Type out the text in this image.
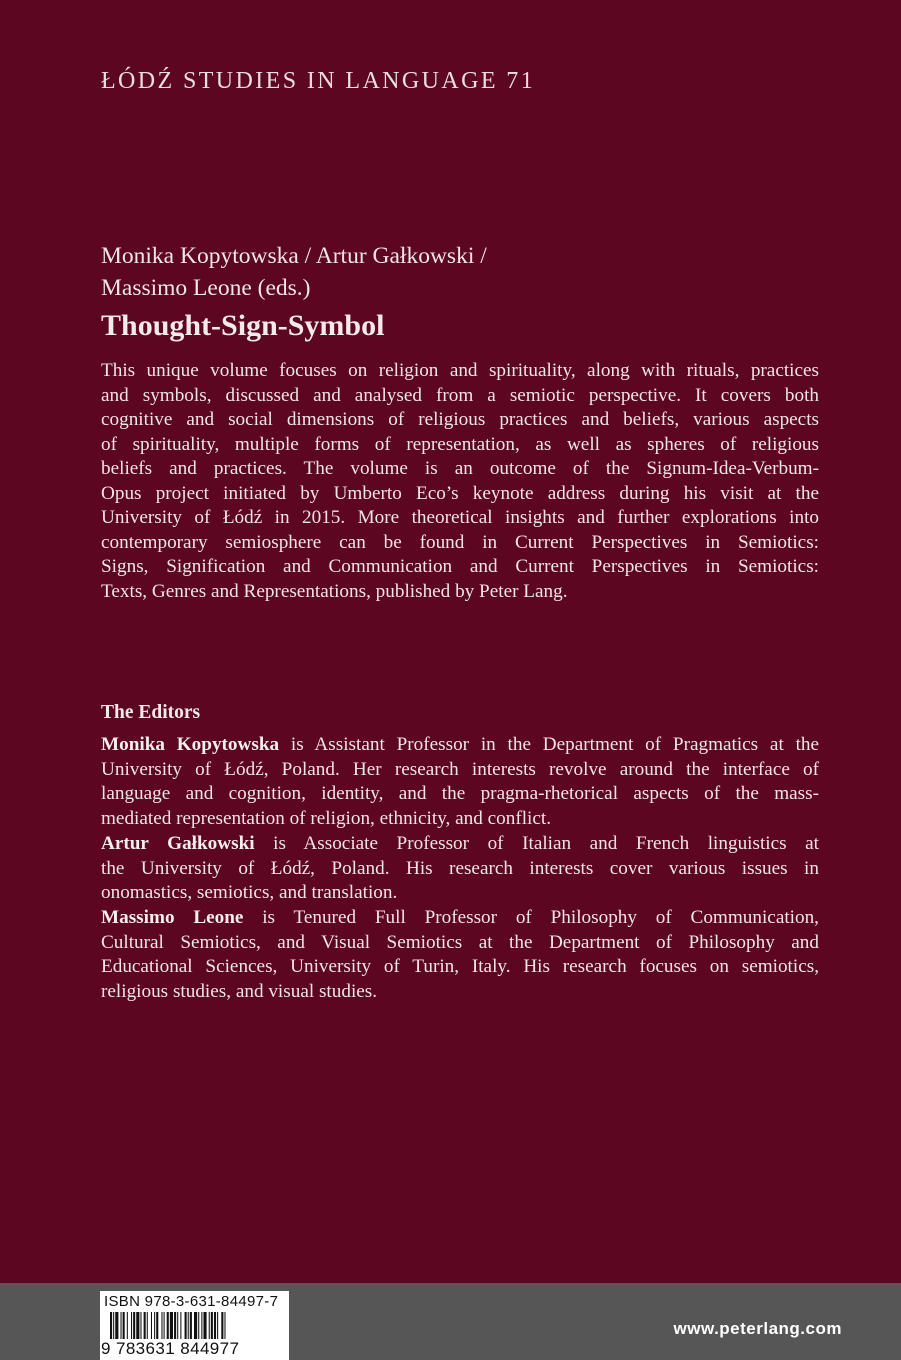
ŁÓDŹ STUDIES IN LANGUAGE 71
Monika Kopytowska / Artur Gałkowski /
Massimo Leone (eds.)
Thought-Sign-Symbol
This unique volume focuses on religion and spirituality, along with rituals, practices
and symbols, discussed and analysed from a semiotic perspective. It covers both
cognitive and social dimensions of religious practices and beliefs, various aspects
of spirituality, multiple forms of representation, as well as spheres of religious
beliefs and practices. The volume is an outcome of the Signum-Idea-Verbum-
Opus project initiated by Umberto Eco’s keynote address during his visit at the
University of Łódź in 2015. More theoretical insights and further explorations into
contemporary semiosphere can be found in Current Perspectives in Semiotics:
Signs, Signification and Communication and Current Perspectives in Semiotics:
Texts, Genres and Representations, published by Peter Lang.
The Editors
Monika Kopytowska is Assistant Professor in the Department of Pragmatics at the
University of Łódź, Poland. Her research interests revolve around the interface of
language and cognition, identity, and the pragma-rhetorical aspects of the mass-
mediated representation of religion, ethnicity, and conflict.
Artur Gałkowski is Associate Professor of Italian and French linguistics at
the University of Łódź, Poland. His research interests cover various issues in
onomastics, semiotics, and translation.
Massimo Leone is Tenured Full Professor of Philosophy of Communication,
Cultural Semiotics, and Visual Semiotics at the Department of Philosophy and
Educational Sciences, University of Turin, Italy. His research focuses on semiotics,
religious studies, and visual studies.
ISBN 978-3-631-84497-7
9 783631 844977
www.peterlang.com
